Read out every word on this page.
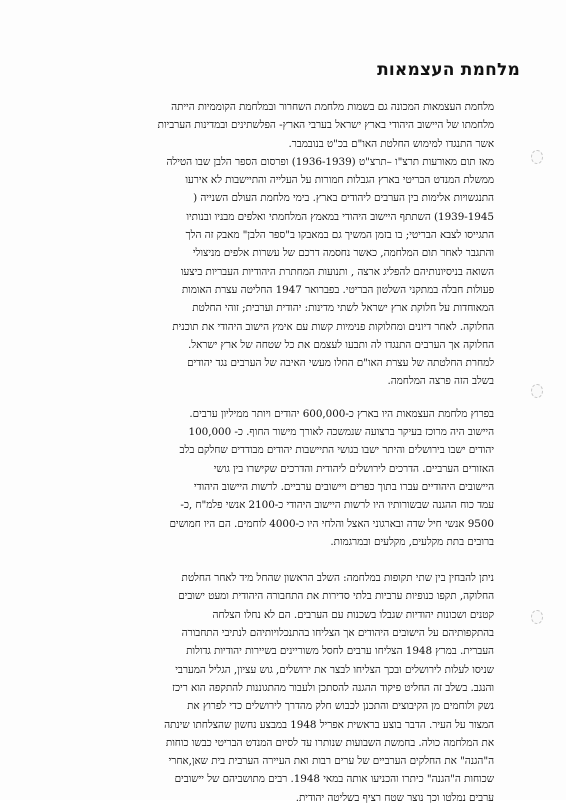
מלחמת העצמאות
מלחמת העצמאות המכונה גם בשמות מלחמת השחרור ובמלחמת הקוממיות הייתה
מלחמתו של היישוב היהודי בארץ ישראל בערבי הארץ- הפלשתינים ובמדינות הערביות
אשר התנגדו למימוש החלטת האו"ם בכ"ט בנובמבר.
מאז תום מאורעות תרצ"ו –תרצ"ט (1936-1939) ופרסום הספר הלבן שבו הטילה
ממשלת המנדט הבריטי בארץ הגבלות חמורות על העלייה והתיישבות לא אירעו
התנגשויות אלימות בין הערבים ליהודים בארץ. בימי מלחמת העולם השנייה (
1939-1945) השתתף היישוב היהודי במאמץ המלחמתי ואלפים מבניו ובנותיו
התגייסו לצבא הבריטי; בו בזמן המשיך גם במאבקו ב"ספר הלבן" מאבק זה הלך
והתגבר לאחר תום המלחמה, כאשר נחסמה דרכם של עשרות אלפים מניצולי
השואה בניסיונותיהם להפליג ארצה , ותנועות המחתרת היהודיות העבריות ביצעו
פעולות חבלה במתקני השלטון הבריטי. בפברואר 1947 החליטה עצרת האומות
המאוחדות על חלוקת ארץ ישראל לשתי מדינות: יהודית וערבית; זוהי החלטת
החלוקה. לאחר דיונים ומחלוקות פנימיות קשות עם אימץ הישוב היהודי את תוכנית
החלוקה אך הערבים התנגדו לה ותבעו לעצמם את כל שטחה של ארץ ישראל.
למחרת החלטתה של עצרת האו"ם החלו מעשי האיבה של הערבים נגד יהודים
בשלב הזה פרצה המלחמה.
בפרוץ מלחמת העצמאות היו בארץ כ-600,000 יהודים ויותר ממיליון ערבים.
היישוב היה מרוכז בעיקר ברצועה שנמשכה לאורך מישור החוף. כ- 100,000
יהודים ישבו בירושלים והיתר ישבו בגושי התיישבות יהודים מבודדים שחלקם בלב
האזורים הערביים. הדרכים לירושלים ליהודית והדרכים שקישרו בין גושי
היישובים היהודיים עברו בתוך כפרים ויישובים ערביים. לרשות היישוב היהודי
עמד כוח ההגנה שבשורותיו היו לרשות היישוב היהודי כ-2100 אנשי פלמ"ח ,כ-
9500 אנשי חיל שדה ובארגוני האצל והלחי היו כ-4000 לוחמים. הם היו חמושים
ברובים בתת מקלעים, מקלעים ובמרגמות.
ניתן להבחין בין שתי תקופות במלחמה: השלב הראשון שהחל מיד לאחר החלטת
החלוקה, תקפו כנופיות ערביות בלתי סדירות את התחבורה היהודית ומעט ישובים
קטנים ושכונות יהודיות שגבלו בשכנות עם הערבים. הם לא נחלו הצלחה
בהתקפותיהם על הישובים היהודים אך הצליחו בהתנכלויותיהם לנתיבי התחבורה
העברית. במרץ 1948 הצליחו ערבים לחסל משוריינים בשיירות יהודיות גדולות
שניסו לעלות לירושלים ובכך הצליחו לבצר את ירושלים, גוש עציון, הגליל המערבי
והנגב. בשלב זה החליט פיקוד ההגנה להסתכן ולעבור מהתגוננות להתקפה הוא ריכז
נשק ולוחמים מן הקיבוצים והתכנן לכבוש חלק מהדרך לירושלים כדי לפרוץ את
המצור על העיר. הדבר בוצע בראשית אפריל 1948 במבצע נחשון שהצלחתו שינתה
את המלחמה כולה. בחמשת השבועות שנותרו עד לסיום המנדט הבריטי כבשו כוחות
ה"הגנה" את החלקים הערביים של ערים רבות ואת העיירה הערבית בית שאן,אחרי
שכוחות ה"הגנה" כיתרו והכניעו אותה במאי 1948. רבים מתושביהם של יישובים
ערבים נמלטו וכך נוצר שטח רציף בשליטה יהודית.
